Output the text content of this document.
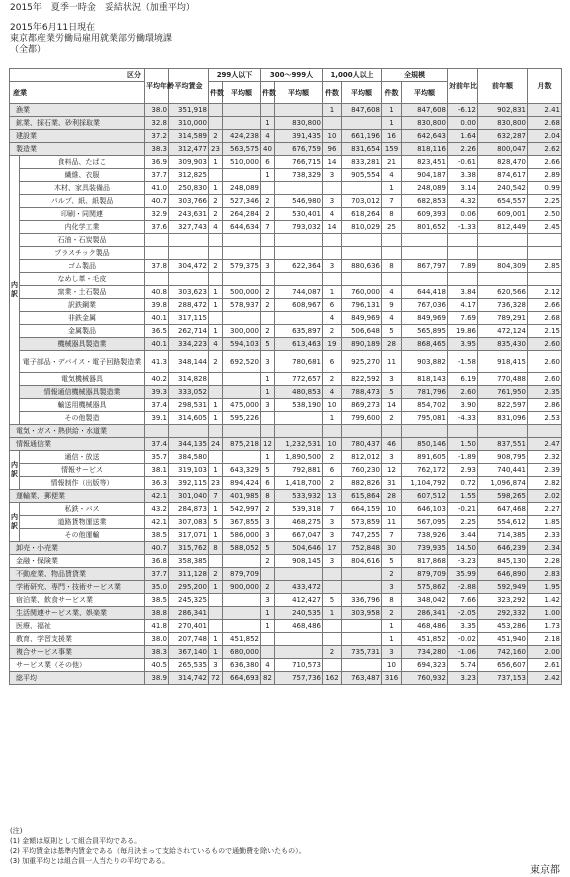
2015年　夏季一時金　妥結状況（加重平均）
2015年6月11日現在
東京都産業労働局雇用就業部労働環境課
（全都）
区分		平均年齢	平均賃金	299人以下		300〜999人		1,000人以上		全規模		対前年比	前年額	月数
産業				件数	平均額	件数	平均額	件数	平均額	件数	平均額			

漁業		38.0	351,918					1	847,608	1	847,608	-6.12	902,831	2.41
鉱業、採石業、砂利採取業		32.8	310,000			1	830,800			1	830,800	0.00	830,800	2.68
建設業		37.2	314,589	2	424,238	4	391,435	10	661,196	16	642,643	1.64	632,287	2.04
製造業		38.3	312,477	23	563,575	40	676,759	96	831,654	159	818,116	2.26	800,047	2.62
内訳	食料品、たばこ	36.9	309,903	1	510,000	6	766,715	14	833,281	21	823,451	-0.61	828,470	2.66
	繊維、衣服	37.7	312,825			1	738,329	3	905,554	4	904,187	3.38	874,617	2.89
	木材、家具装備品	41.0	250,830	1	248,089					1	248,089	3.14	240,542	0.99
	パルプ、紙、紙製品	40.7	303,766	2	527,346	2	546,980	3	703,012	7	682,853	4.32	654,557	2.25
	印刷・同関連	32.9	243,631	2	264,284	2	530,401	4	618,264	8	609,393	0.06	609,001	2.50
	内化学工業	37.6	327,743	4	644,634	7	793,032	14	810,029	25	801,652	-1.33	812,449	2.45
	石油・石炭製品													
	プラスチック製品													
	ゴム製品	37.8	304,472	2	579,375	3	622,364	3	880,636	8	867,797	7.89	804,309	2.85
	なめし革・毛皮													
	窯業・土石製品	40.8	303,623	1	500,000	2	744,087	1	760,000	4	644,418	3.84	620,566	2.12
	訳鉄鋼業	39.8	288,472	1	578,937	2	608,967	6	796,131	9	767,036	4.17	736,328	2.66
	非鉄金属	40.1	317,115					4	849,969	4	849,969	7.69	789,291	2.68
	金属製品	36.5	262,714	1	300,000	2	635,897	2	506,648	5	565,895	19.86	472,124	2.15
	機械器具製造業	40.1	334,223	4	594,103	5	613,463	19	890,189	28	868,465	3.95	835,430	2.60
	電子部品・デバイス・電子回路製造業	41.3	348,144	2	692,520	3	780,681	6	925,270	11	903,882	-1.58	918,415	2.60
	電気機械器具	40.2	314,828			1	772,657	2	822,592	3	818,143	6.19	770,488	2.60
	情報通信機械器具製造業	39.3	333,052			1	480,853	4	788,473	5	781,796	2.60	761,950	2.35
	輸送用機械器具	37.4	298,531	1	475,000	3	538,190	10	869,273	14	854,702	3.90	822,597	2.86
	その他製造	39.1	314,605	1	595,226			1	799,600	2	795,081	-4.33	831,096	2.53
電気・ガス・熱供給・水道業														
情報通信業		37.4	344,135	24	875,218	12	1,232,531	10	780,437	46	850,146	1.50	837,551	2.47
内訳	通信・放送	35.7	384,580			1	1,890,500	2	812,012	3	891,605	-1.89	908,795	2.32
	情報サービス	38.1	319,103	1	643,329	5	792,881	6	760,230	12	762,172	2.93	740,441	2.39
	情報制作（出版等）	36.3	392,115	23	894,424	6	1,418,700	2	882,826	31	1,104,792	0.72	1,096,874	2.82
運輸業、郵便業		42.1	301,040	7	401,985	8	533,932	13	615,864	28	607,512	1.55	598,265	2.02
内訳	私鉄・バス	43.2	284,873	1	542,997	2	539,318	7	664,159	10	646,103	-0.21	647,468	2.27
	道路貨物運送業	42.1	307,083	5	367,855	3	468,275	3	573,859	11	567,095	2.25	554,612	1.85
	その他運輸	38.5	317,071	1	586,000	3	667,047	3	747,255	7	738,926	3.44	714,385	2.33
卸売・小売業		40.7	315,762	8	588,052	5	504,646	17	752,848	30	739,935	14.50	646,239	2.34
金融・保険業		36.8	358,385			2	908,145	3	804,616	5	817,868	-3.23	845,130	2.28
不動産業、物品賃貸業		37.7	311,128	2	879,709					2	879,709	35.99	646,890	2.83
学術研究、専門・技術サービス業		35.0	295,200	1	900,000	2	433,472			3	575,862	-2.88	592,949	1.95
宿泊業、飲食サービス業		38.5	245,325			3	412,427	5	336,796	8	348,042	7.66	323,292	1.42
生活関連サービス業、娯楽業		38.8	286,341			1	240,535	1	303,958	2	286,341	-2.05	292,332	1.00
医療、福祉		41.8	270,401			1	468,486			1	468,486	3.35	453,286	1.73
教育、学習支援業		38.0	207,748	1	451,852					1	451,852	-0.02	451,940	2.18
複合サービス事業		38.3	367,140	1	680,000			2	735,731	3	734,280	-1.06	742,160	2.00
サービス業（その他）		40.5	265,535	3	636,380	4	710,573			10	694,323	5.74	656,607	2.61
総平均		38.9	314,742	72	664,693	82	757,736	162	763,487	316	760,932	3.23	737,153	2.42
(注)
(1) 金額は原則として組合員平均である。
(2) 平均賃金は基準内賃金である（毎月決まって支給されているもので通勤費を除いたもの）。
(3) 加重平均とは組合員一人当たりの平均である。
東京都
